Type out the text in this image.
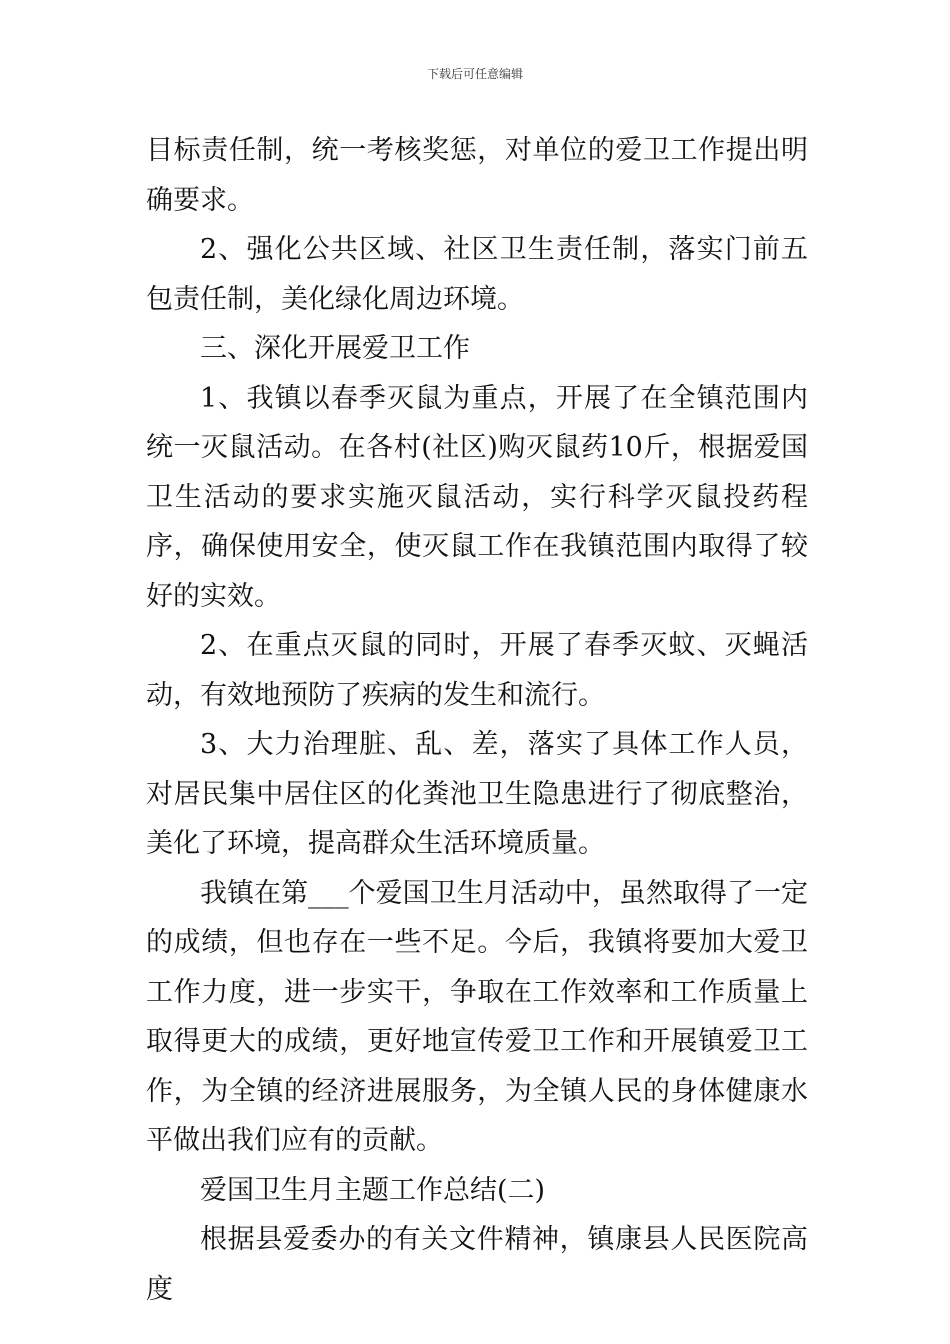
下载后可任意编辑

目标责任制，统一考核奖惩，对单位的爱卫工作提出明确要求。

2、强化公共区域、社区卫生责任制，落实门前五包责任制，美化绿化周边环境。

三、深化开展爱卫工作

1、我镇以春季灭鼠为重点，开展了在全镇范围内统一灭鼠活动。在各村(社区)购灭鼠药10斤，根据爱国卫生活动的要求实施灭鼠活动，实行科学灭鼠投药程序，确保使用安全，使灭鼠工作在我镇范围内取得了较好的实效。

2、在重点灭鼠的同时，开展了春季灭蚊、灭蝇活动，有效地预防了疾病的发生和流行。

3、大力治理脏、乱、差，落实了具体工作人员，对居民集中居住区的化粪池卫生隐患进行了彻底整治，美化了环境，提高群众生活环境质量。

我镇在第___个爱国卫生月活动中，虽然取得了一定的成绩，但也存在一些不足。今后，我镇将要加大爱卫工作力度，进一步实干，争取在工作效率和工作质量上取得更大的成绩，更好地宣传爱卫工作和开展镇爱卫工作，为全镇的经济进展服务，为全镇人民的身体健康水平做出我们应有的贡献。

爱国卫生月主题工作总结(二)

根据县爱委办的有关文件精神，镇康县人民医院高度
